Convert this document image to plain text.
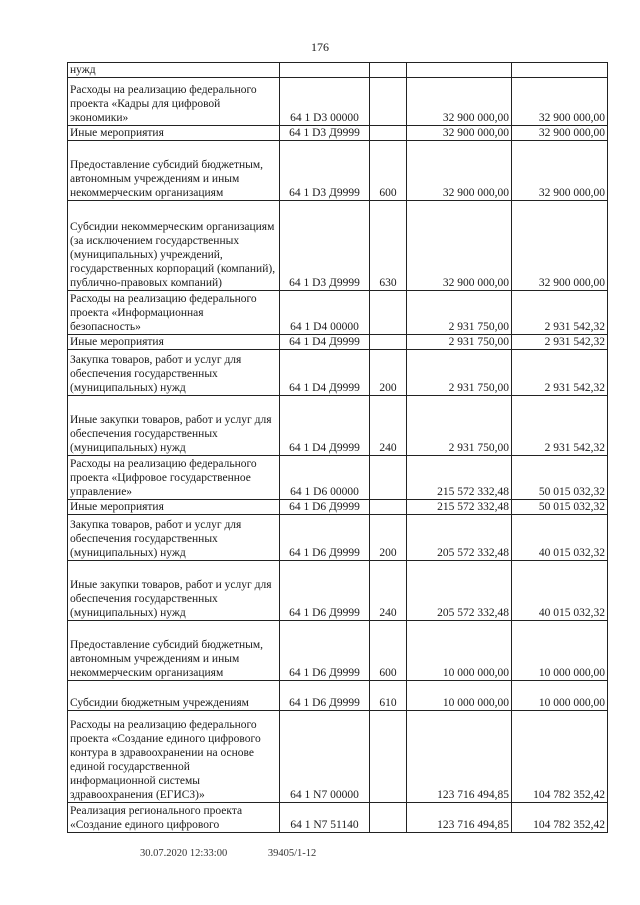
176
нужд				
Расходы на реализацию федерального проекта «Кадры для цифровой экономики»	64 1 D3 00000		32 900 000,00	32 900 000,00
Иные мероприятия	64 1 D3 Д9999		32 900 000,00	32 900 000,00
Предоставление субсидий бюджетным, автономным учреждениям и иным некоммерческим организациям	64 1 D3 Д9999	600	32 900 000,00	32 900 000,00
Субсидии некоммерческим организациям (за исключением государственных (муниципальных) учреждений, государственных корпораций (компаний), публично-правовых компаний)	64 1 D3 Д9999	630	32 900 000,00	32 900 000,00
Расходы на реализацию федерального проекта «Информационная безопасность»	64 1 D4 00000		2 931 750,00	2 931 542,32
Иные мероприятия	64 1 D4 Д9999		2 931 750,00	2 931 542,32
Закупка товаров, работ и услуг для обеспечения государственных (муниципальных) нужд	64 1 D4 Д9999	200	2 931 750,00	2 931 542,32
Иные закупки товаров, работ и услуг для обеспечения государственных (муниципальных) нужд	64 1 D4 Д9999	240	2 931 750,00	2 931 542,32
Расходы на реализацию федерального проекта «Цифровое государственное управление»	64 1 D6 00000		215 572 332,48	50 015 032,32
Иные мероприятия	64 1 D6 Д9999		215 572 332,48	50 015 032,32
Закупка товаров, работ и услуг для обеспечения государственных (муниципальных) нужд	64 1 D6 Д9999	200	205 572 332,48	40 015 032,32
Иные закупки товаров, работ и услуг для обеспечения государственных (муниципальных) нужд	64 1 D6 Д9999	240	205 572 332,48	40 015 032,32
Предоставление субсидий бюджетным, автономным учреждениям и иным некоммерческим организациям	64 1 D6 Д9999	600	10 000 000,00	10 000 000,00
Субсидии бюджетным учреждениям	64 1 D6 Д9999	610	10 000 000,00	10 000 000,00
Расходы на реализацию федерального проекта «Создание единого цифрового контура в здравоохранении на основе единой государственной информационной системы здравоохранения (ЕГИСЗ)»	64 1 N7 00000		123 716 494,85	104 782 352,42
Реализация регионального проекта «Создание единого цифрового	64 1 N7 51140		123 716 494,85	104 782 352,42
30.07.2020 12:33:00	39405/1-12
